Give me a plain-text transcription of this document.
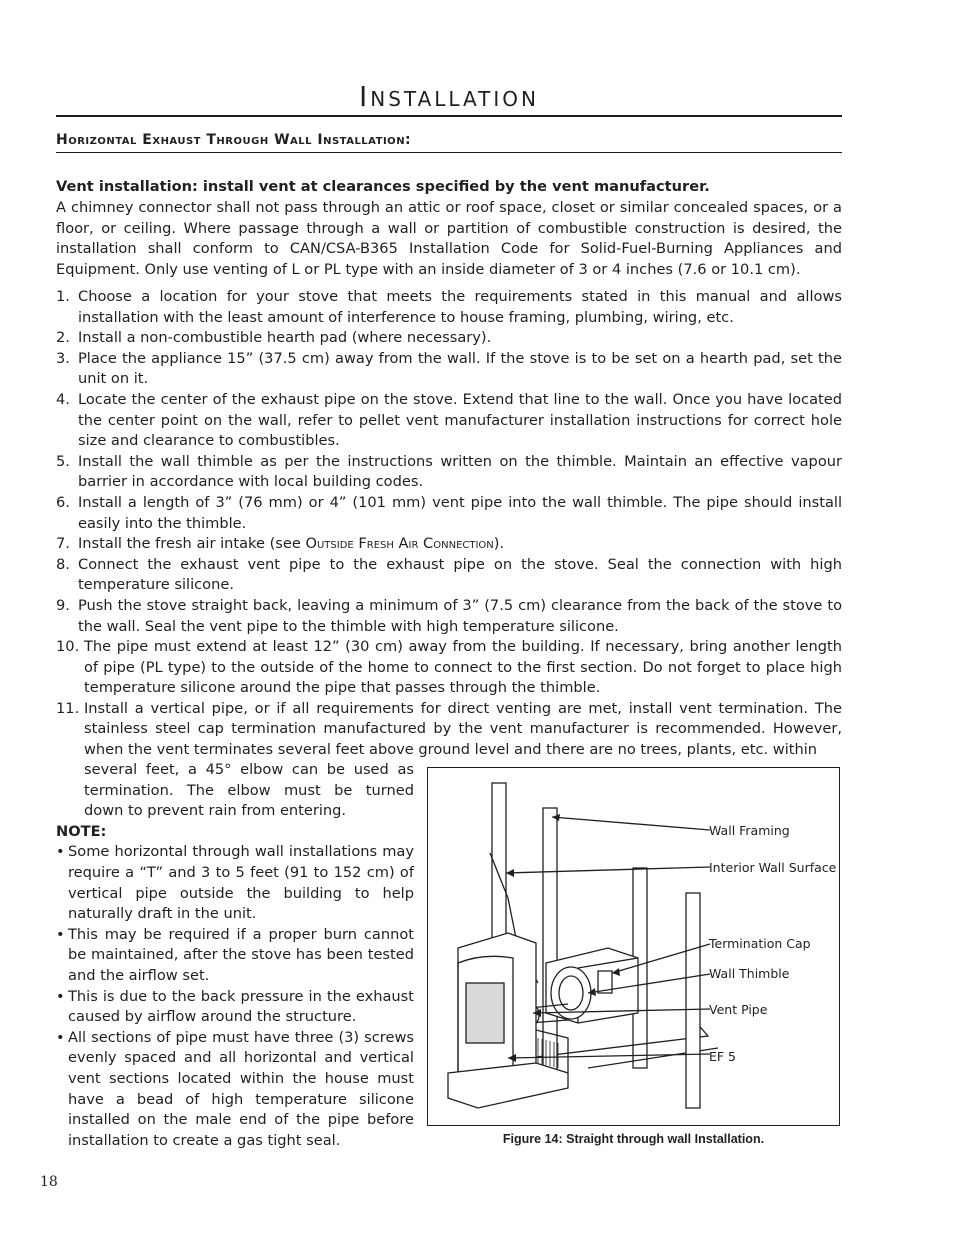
Installation
Horizontal Exhaust Through Wall Installation:
Vent installation: install vent at clearances specified by the vent manufacturer.
A chimney connector shall not pass through an attic or roof space, closet or similar concealed spaces, or a floor, or ceiling. Where passage through a wall or partition of combustible construction is desired, the installation shall conform to CAN/CSA-B365 Installation Code for Solid-Fuel-Burning Appliances and Equipment. Only use venting of L or PL type with an inside diameter of 3 or 4 inches (7.6 or 10.1 cm).
1. Choose a location for your stove that meets the requirements stated in this manual and allows installation with the least amount of interference to house framing, plumbing, wiring, etc.
2. Install a non-combustible hearth pad (where necessary).
3. Place the appliance 15” (37.5 cm) away from the wall. If the stove is to be set on a hearth pad, set the unit on it.
4. Locate the center of the exhaust pipe on the stove. Extend that line to the wall. Once you have located the center point on the wall, refer to pellet vent manufacturer installation instructions for correct hole size and clearance to combustibles.
5. Install the wall thimble as per the instructions written on the thimble. Maintain an effective vapour barrier in accordance with local building codes.
6. Install a length of 3” (76 mm) or 4” (101 mm) vent pipe into the wall thimble. The pipe should install easily into the thimble.
7. Install the fresh air intake (see Outside Fresh Air Connection).
8. Connect the exhaust vent pipe to the exhaust pipe on the stove. Seal the connection with high temperature silicone.
9. Push the stove straight back, leaving a minimum of 3” (7.5 cm) clearance from the back of the stove to the wall. Seal the vent pipe to the thimble with high temperature silicone.
10. The pipe must extend at least 12” (30 cm) away from the building. If necessary, bring another length of pipe (PL type) to the outside of the home to connect to the first section. Do not forget to place high temperature silicone around the pipe that passes through the thimble.
11. Install a vertical pipe, or if all requirements for direct venting are met, install vent termination. The stainless steel cap termination manufactured by the vent manufacturer is recommended. However, when the vent terminates several feet above ground level and there are no trees, plants, etc. within
several feet, a 45° elbow can be used as termination. The elbow must be turned down to prevent rain from entering.
NOTE:
• Some horizontal through wall installations may require a “T” and 3 to 5 feet (91 to 152 cm) of vertical pipe outside the building to help naturally draft in the unit.
• This may be required if a proper burn cannot be maintained, after the stove has been tested and the airflow set.
• This is due to the back pressure in the exhaust caused by airflow around the structure.
• All sections of pipe must have three (3) screws evenly spaced and all horizontal and vertical vent sections located within the house must have a bead of high temperature silicone installed on the male end of the pipe before installation to create a gas tight seal.
Wall Framing
Interior Wall Surface
Termination Cap
Wall Thimble
Vent Pipe
EF 5
Figure 14: Straight through wall Installation.
18
